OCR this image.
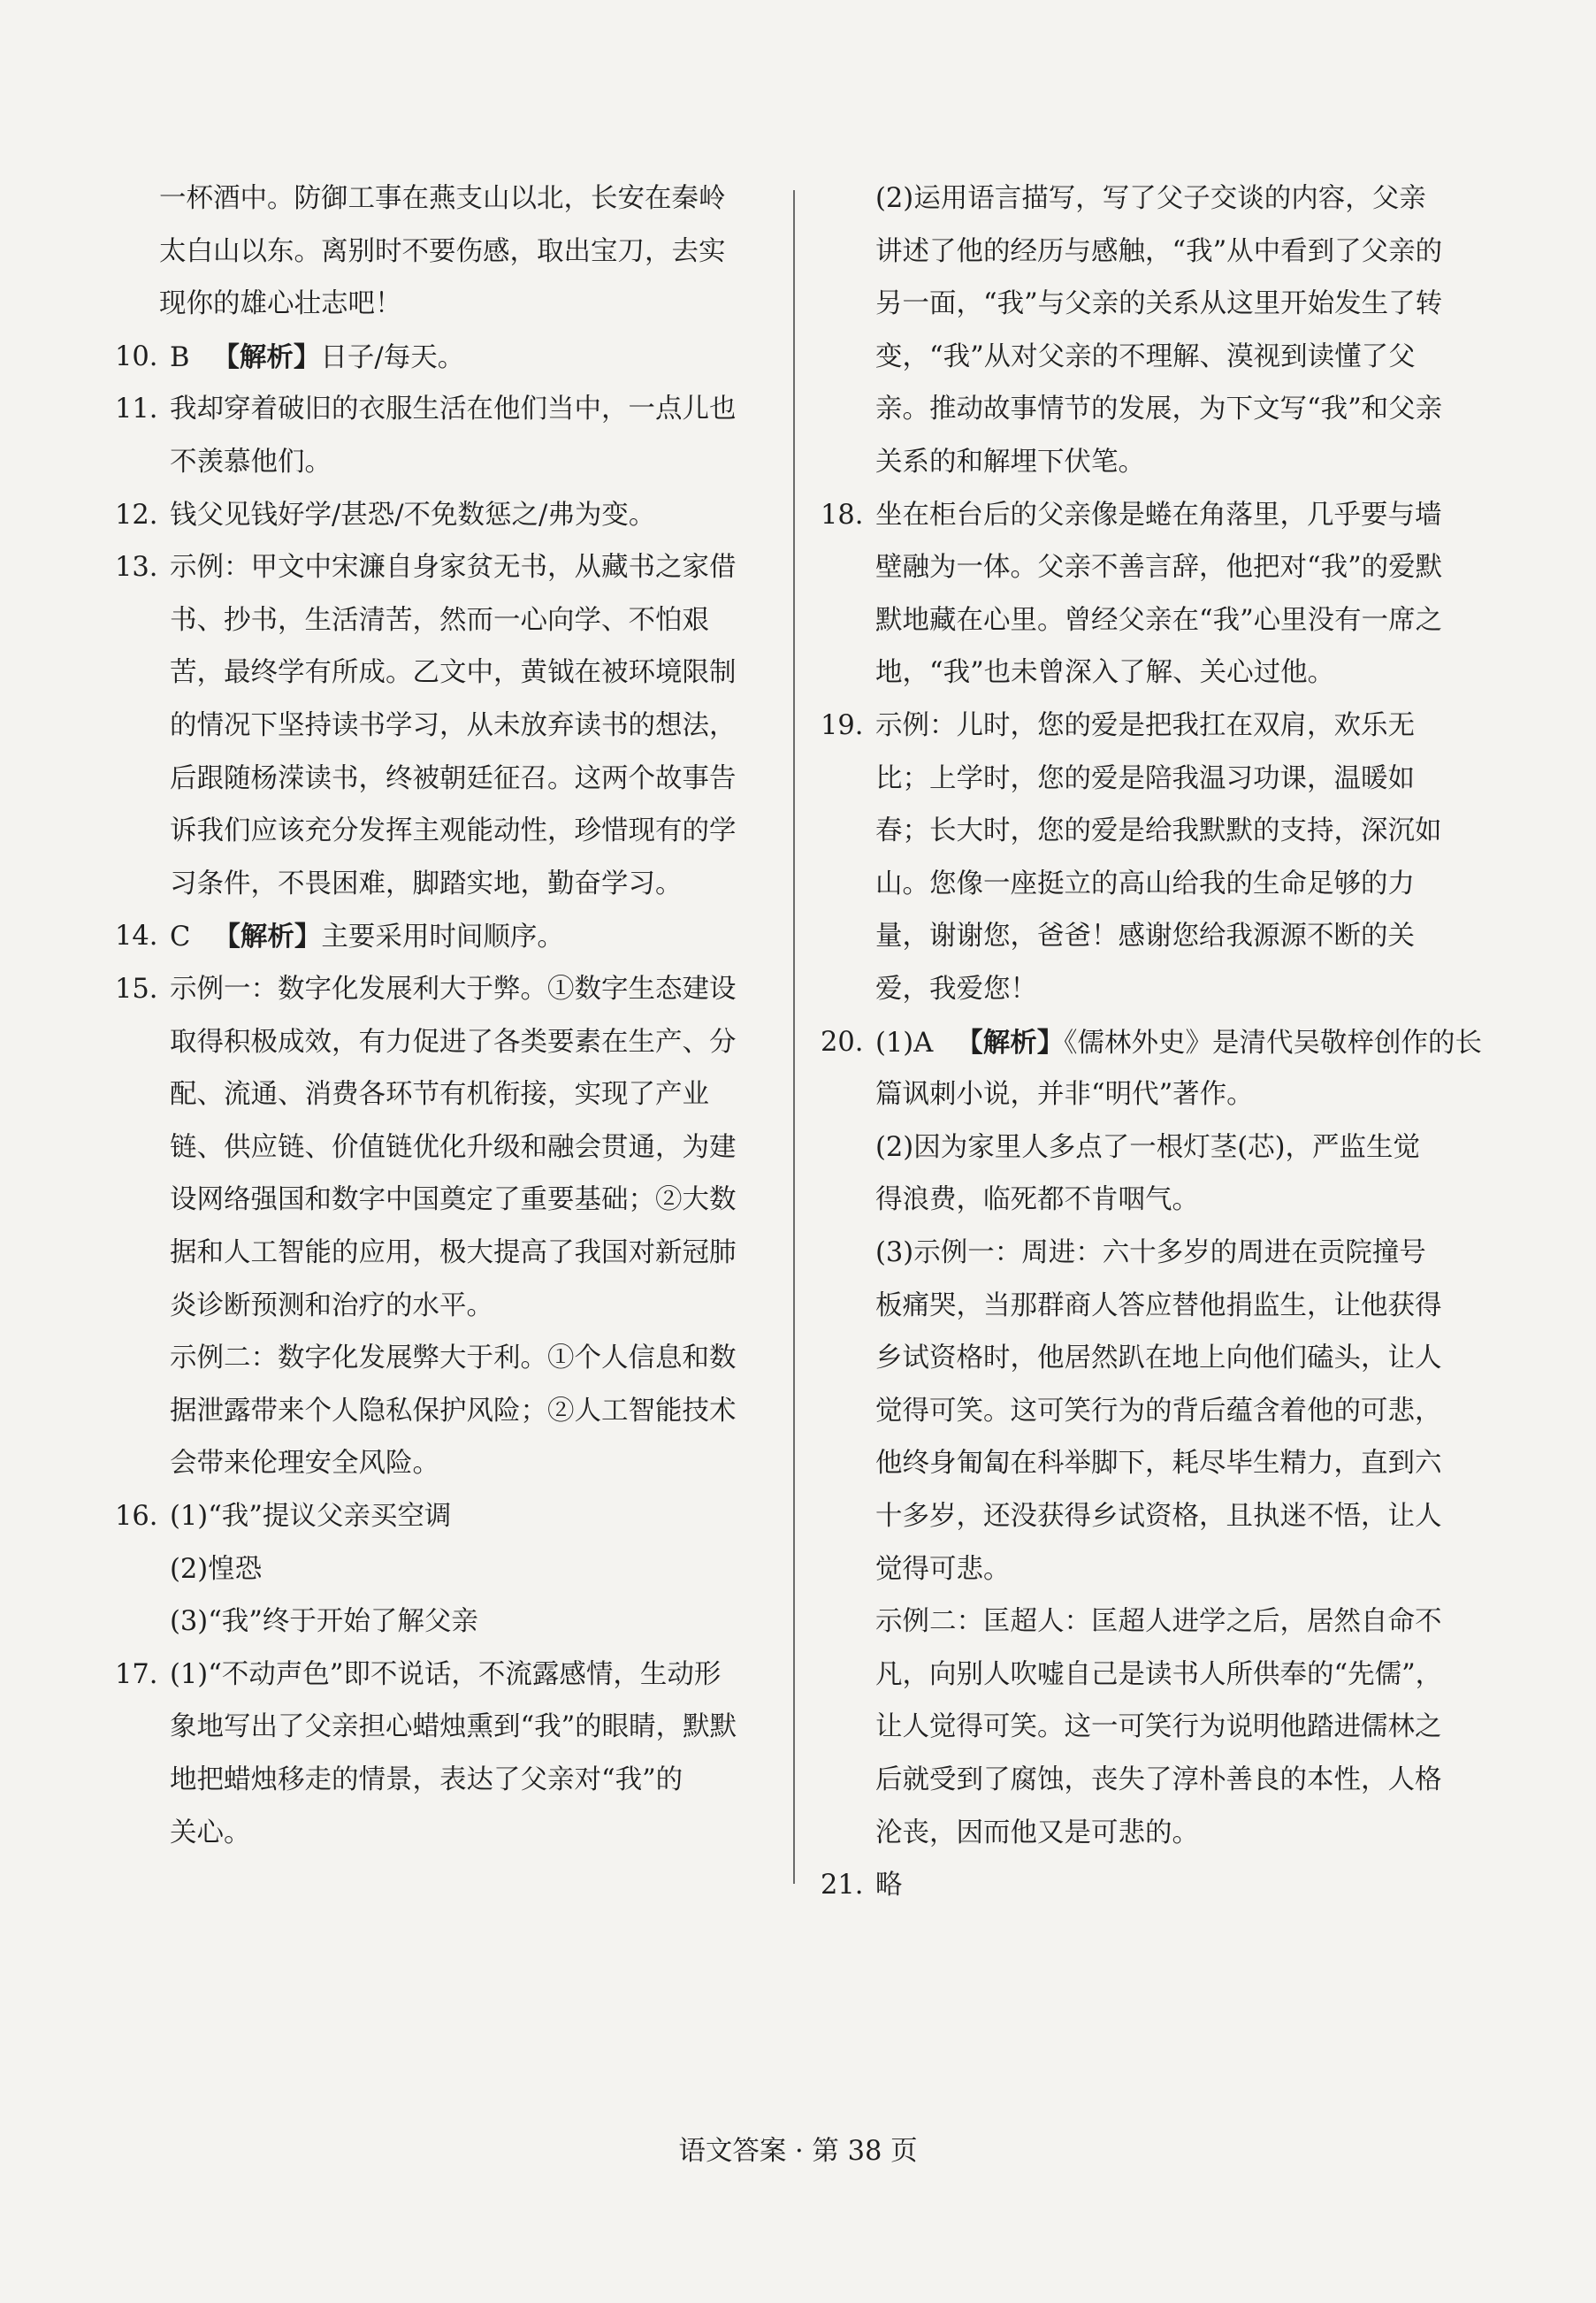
语文答案 · 第 38 页
一杯酒中。防御工事在燕支山以北，长安在秦岭
太白山以东。离别时不要伤感，取出宝刀，去实
现你的雄心壮志吧！
10. B 【解析】日子/每天。
11. 我却穿着破旧的衣服生活在他们当中，一点儿也
不羡慕他们。
12. 钱父见钱好学/甚恐/不免数惩之/弗为变。
13. 示例：甲文中宋濂自身家贫无书，从藏书之家借
书、抄书，生活清苦，然而一心向学、不怕艰
苦，最终学有所成。乙文中，黄钺在被环境限制
的情况下坚持读书学习，从未放弃读书的想法，
后跟随杨溁读书，终被朝廷征召。这两个故事告
诉我们应该充分发挥主观能动性，珍惜现有的学
习条件，不畏困难，脚踏实地，勤奋学习。
14. C 【解析】主要采用时间顺序。
15. 示例一：数字化发展利大于弊。①数字生态建设
取得积极成效，有力促进了各类要素在生产、分
配、流通、消费各环节有机衔接，实现了产业
链、供应链、价值链优化升级和融会贯通，为建
设网络强国和数字中国奠定了重要基础；②大数
据和人工智能的应用，极大提高了我国对新冠肺
炎诊断预测和治疗的水平。
示例二：数字化发展弊大于利。①个人信息和数
据泄露带来个人隐私保护风险；②人工智能技术
会带来伦理安全风险。
16. (1)“我”提议父亲买空调
(2)惶恐
(3)“我”终于开始了解父亲
17. (1)“不动声色”即不说话，不流露感情，生动形
象地写出了父亲担心蜡烛熏到“我”的眼睛，默默
地把蜡烛移走的情景，表达了父亲对“我”的
关心。
(2)运用语言描写，写了父子交谈的内容，父亲
讲述了他的经历与感触，“我”从中看到了父亲的
另一面，“我”与父亲的关系从这里开始发生了转
变，“我”从对父亲的不理解、漠视到读懂了父
亲。推动故事情节的发展，为下文写“我”和父亲
关系的和解埋下伏笔。
18. 坐在柜台后的父亲像是蜷在角落里，几乎要与墙
壁融为一体。父亲不善言辞，他把对“我”的爱默
默地藏在心里。曾经父亲在“我”心里没有一席之
地，“我”也未曾深入了解、关心过他。
19. 示例：儿时，您的爱是把我扛在双肩，欢乐无
比；上学时，您的爱是陪我温习功课，温暖如
春；长大时，您的爱是给我默默的支持，深沉如
山。您像一座挺立的高山给我的生命足够的力
量，谢谢您，爸爸！感谢您给我源源不断的关
爱，我爱您！
20. (1)A 【解析】《儒林外史》是清代吴敬梓创作的长
篇讽刺小说，并非“明代”著作。
(2)因为家里人多点了一根灯茎(芯)，严监生觉
得浪费，临死都不肯咽气。
(3)示例一：周进：六十多岁的周进在贡院撞号
板痛哭，当那群商人答应替他捐监生，让他获得
乡试资格时，他居然趴在地上向他们磕头，让人
觉得可笑。这可笑行为的背后蕴含着他的可悲，
他终身匍匐在科举脚下，耗尽毕生精力，直到六
十多岁，还没获得乡试资格，且执迷不悟，让人
觉得可悲。
示例二：匡超人：匡超人进学之后，居然自命不
凡，向别人吹嘘自己是读书人所供奉的“先儒”，
让人觉得可笑。这一可笑行为说明他踏进儒林之
后就受到了腐蚀，丧失了淳朴善良的本性，人格
沦丧，因而他又是可悲的。
21. 略
